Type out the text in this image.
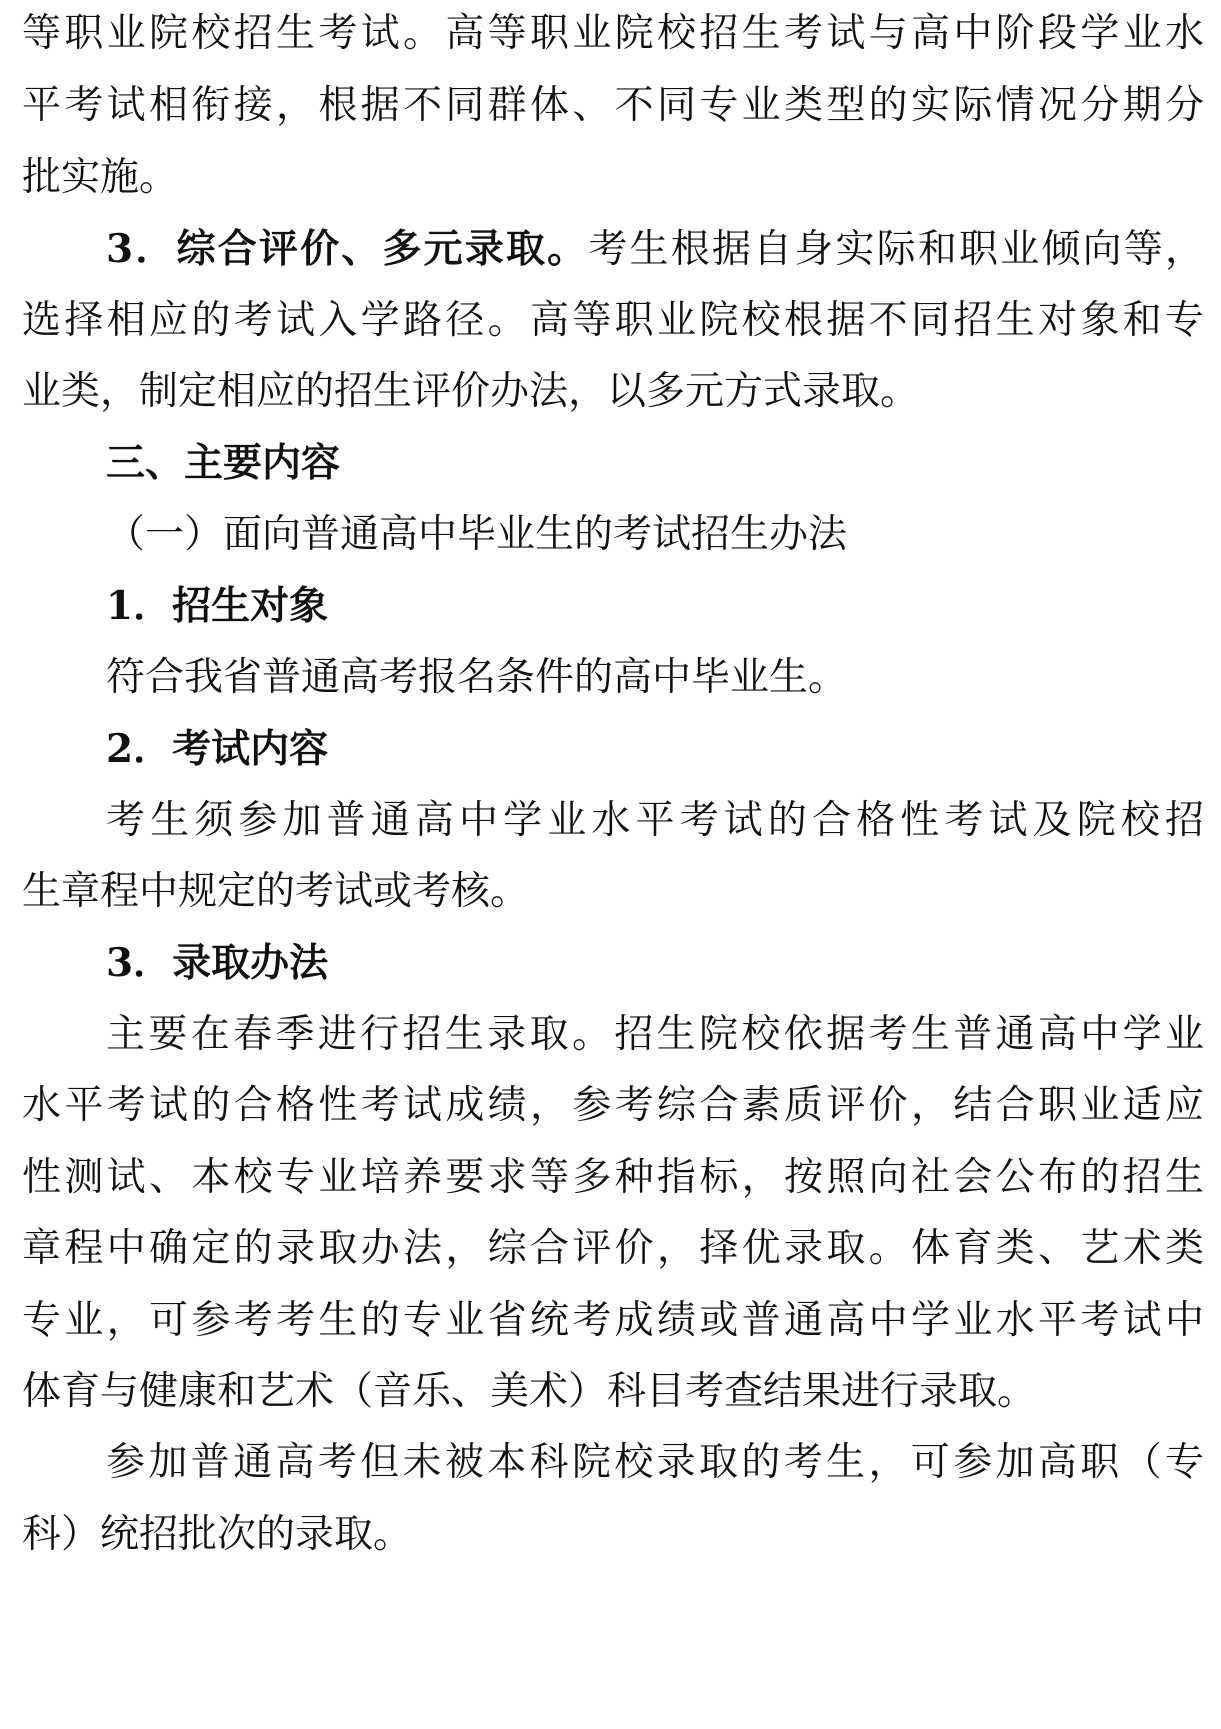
等职业院校招生考试。高等职业院校招生考试与高中阶段学业水
平考试相衔接，根据不同群体、不同专业类型的实际情况分期分
批实施。
3．综合评价、多元录取。考生根据自身实际和职业倾向等，
选择相应的考试入学路径。高等职业院校根据不同招生对象和专
业类，制定相应的招生评价办法，以多元方式录取。
三、主要内容
（一）面向普通高中毕业生的考试招生办法
1．招生对象
符合我省普通高考报名条件的高中毕业生。
2．考试内容
考生须参加普通高中学业水平考试的合格性考试及院校招
生章程中规定的考试或考核。
3．录取办法
主要在春季进行招生录取。招生院校依据考生普通高中学业
水平考试的合格性考试成绩，参考综合素质评价，结合职业适应
性测试、本校专业培养要求等多种指标，按照向社会公布的招生
章程中确定的录取办法，综合评价，择优录取。体育类、艺术类
专业，可参考考生的专业省统考成绩或普通高中学业水平考试中
体育与健康和艺术（音乐、美术）科目考查结果进行录取。
参加普通高考但未被本科院校录取的考生，可参加高职（专
科）统招批次的录取。
